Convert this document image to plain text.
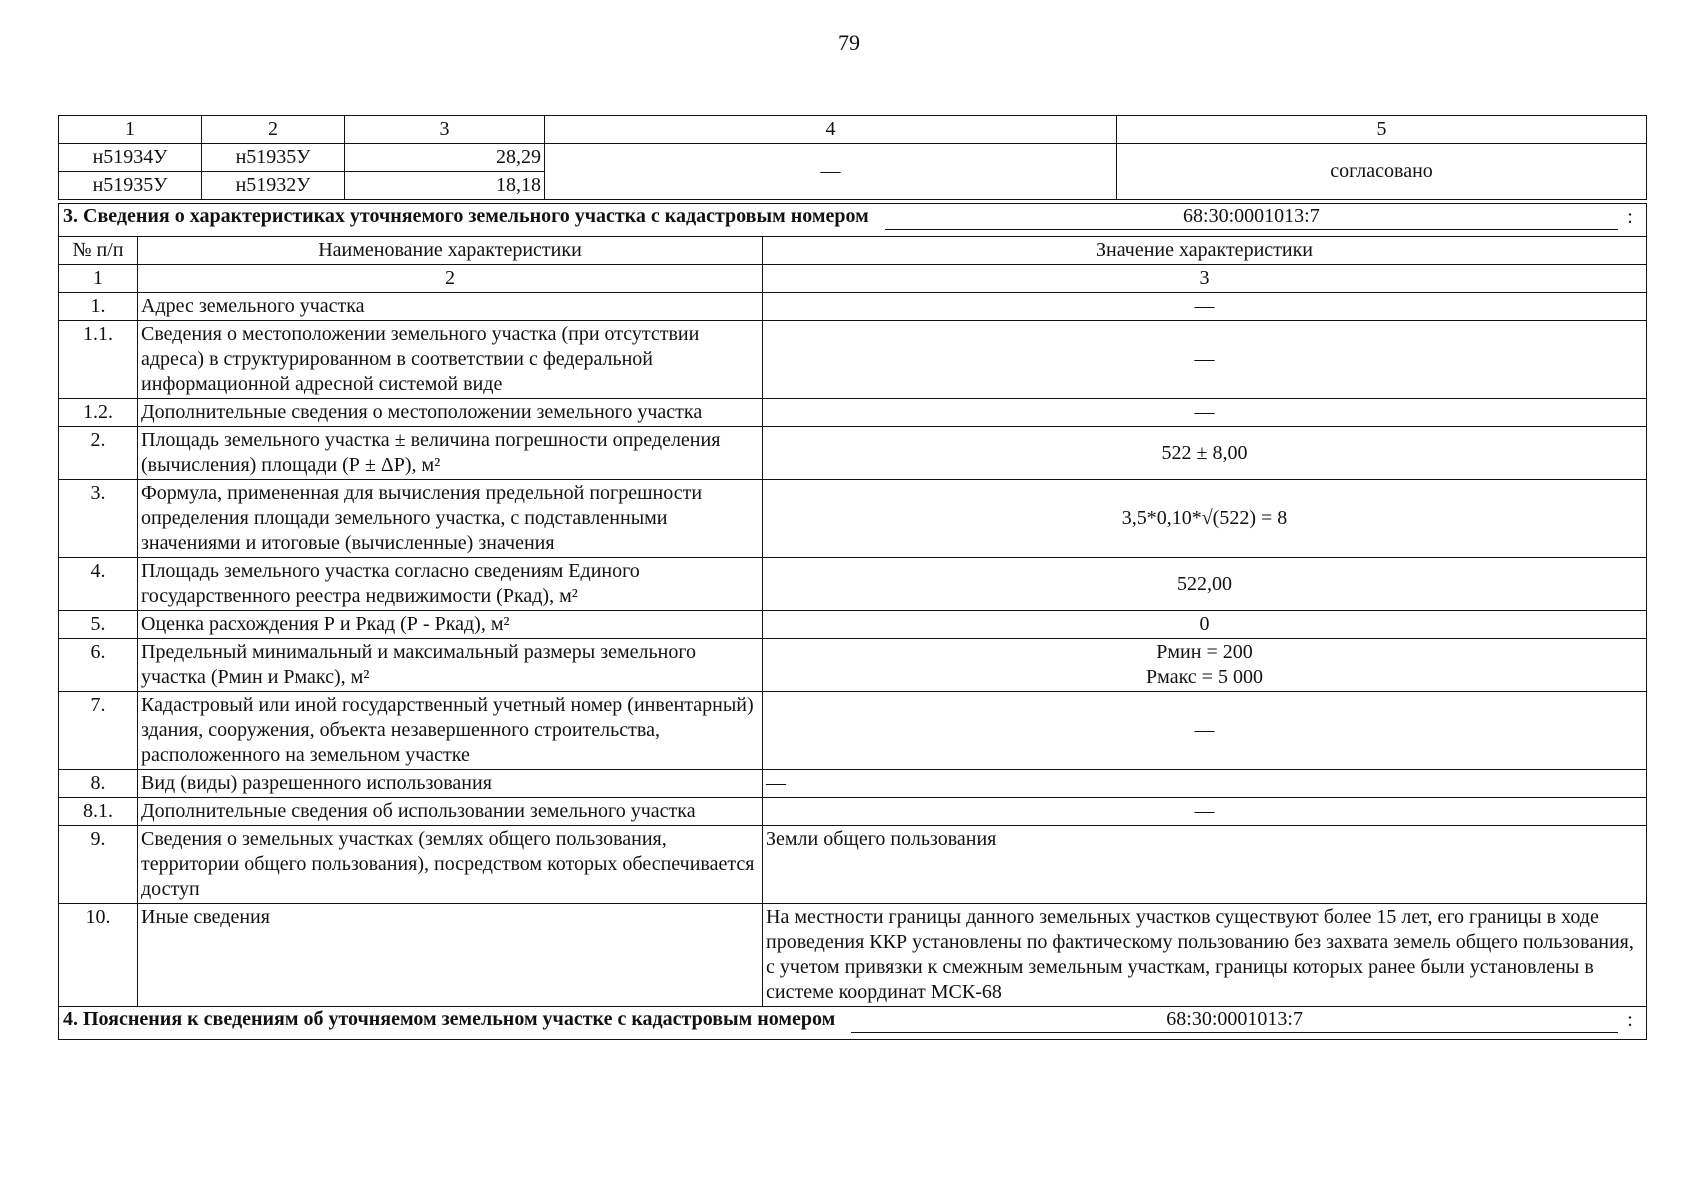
79
1	2	3	4	5
н51934У	н51935У	28,29	—	согласовано
н51935У	н51932У	18,18		
3. Сведения о характеристиках уточняемого земельного участка с кадастровым номером 68:30:0001013:7 :		

№ п/п	Наименование характеристики	Значение характеристики
1	2	3
1.	Адрес земельного участка	—
1.1.	Сведения о местоположении земельного участка (при отсутствии адреса) в структурированном в соответствии с федеральной информационной адресной системой виде	—
1.2.	Дополнительные сведения о местоположении земельного участка	—
2.	Площадь земельного участка ± величина погрешности определения (вычисления) площади (Р ± ΔР), м²	522 ± 8,00
3.	Формула, примененная для вычисления предельной погрешности определения площади земельного участка, с подставленными значениями и итоговые (вычисленные) значения	3,5*0,10*√(522) = 8
4.	Площадь земельного участка согласно сведениям Единого государственного реестра недвижимости (Ркад), м²	522,00
5.	Оценка расхождения Р и Ркад (Р - Ркад), м²	0
6.	Предельный минимальный и максимальный размеры земельного участка (Рмин и Рмакс), м²	Рмин = 200
Рмакс = 5 000

7.	Кадастровый или иной государственный учетный номер (инвентарный) здания, сооружения, объекта незавершенного строительства, расположенного на земельном участке	—
8.	Вид (виды) разрешенного использования	—
8.1.	Дополнительные сведения об использовании земельного участка	—
9.	Сведения о земельных участках (землях общего пользования, территории общего пользования), посредством которых обеспечивается доступ	Земли общего пользования
10.	Иные сведения	На местности границы данного земельных участков существуют более 15 лет, его границы в ходе проведения ККР установлены по фактическому пользованию без захвата земель общего пользования, с учетом привязки к смежным земельным участкам, границы которых ранее были установлены в системе координат МСК-68

4. Пояснения к сведениям об уточняемом земельном участке с кадастровым номером 68:30:0001013:7 :		
